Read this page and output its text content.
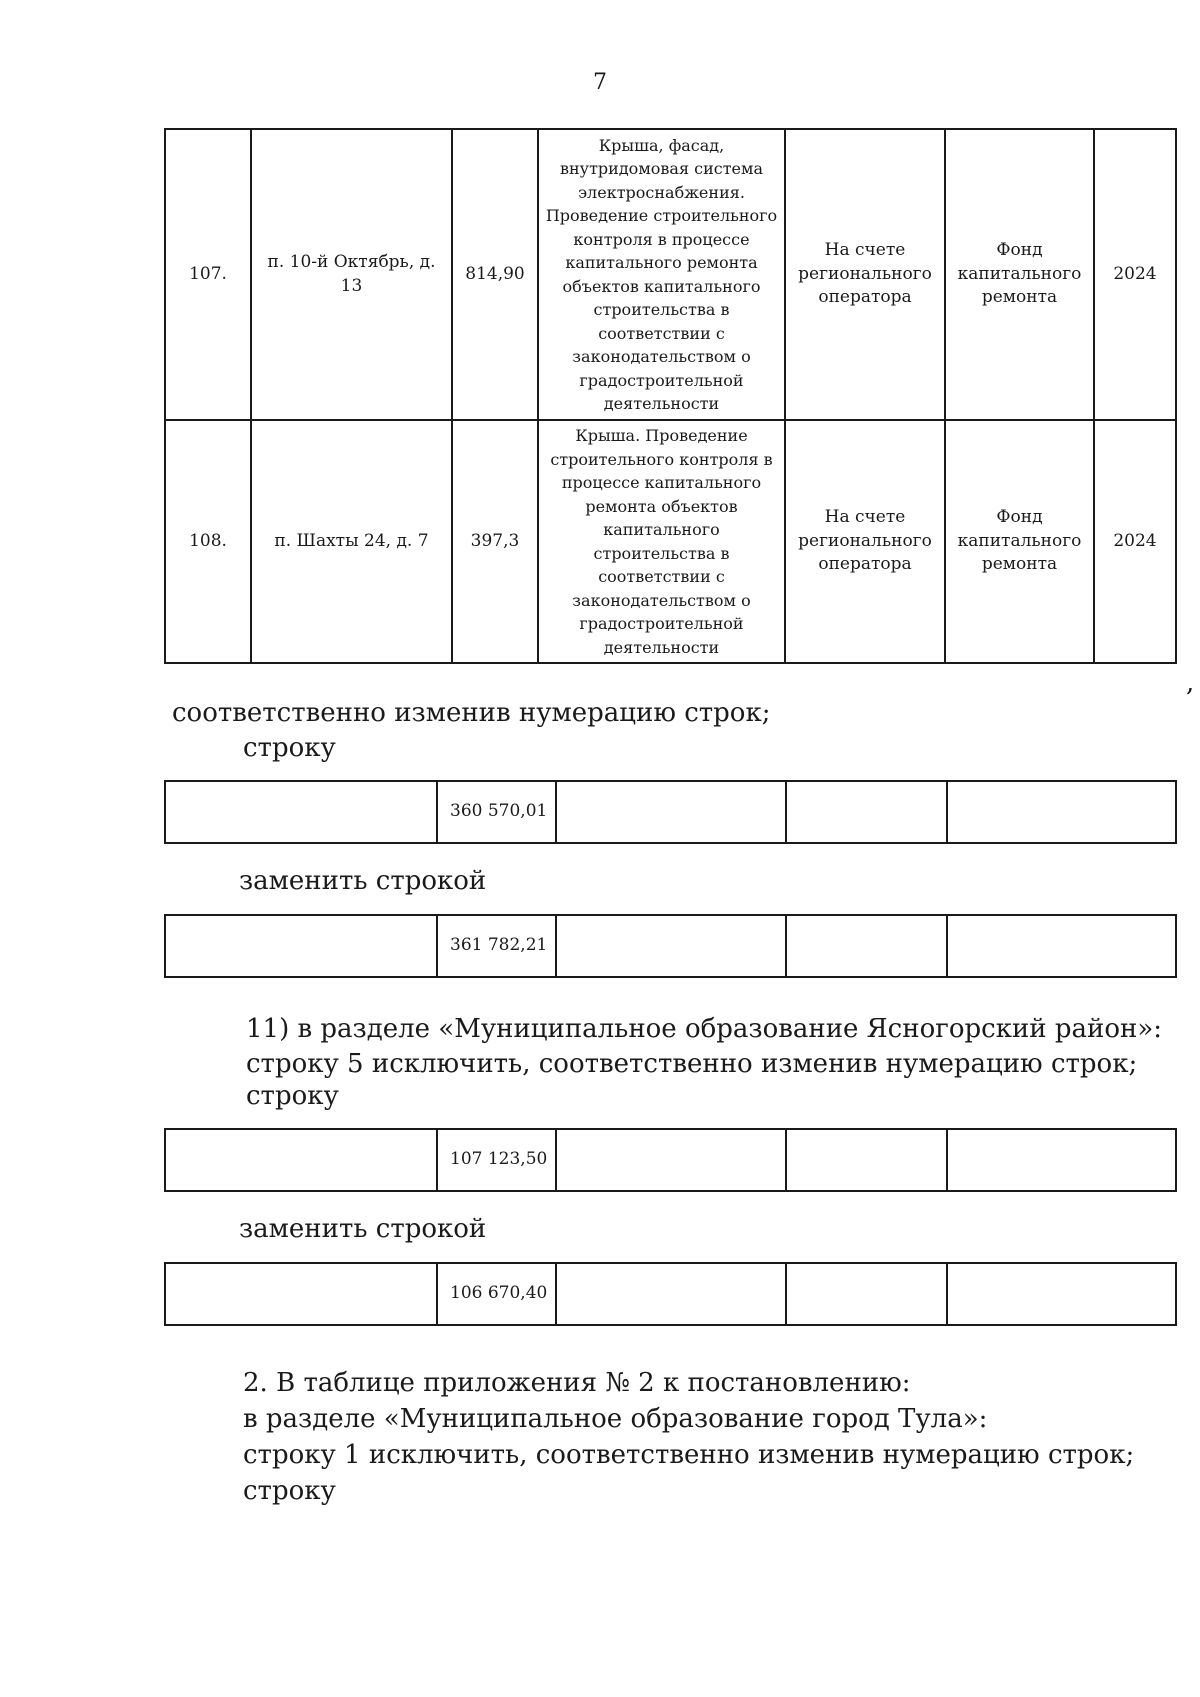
7
107.	п. 10-й Октябрь, д. 13	814,90	Крыша, фасад, внутридомовая система электроснабжения. Проведение строительного контроля в процессе капитального ремонта объектов капитального строительства в соответствии с законодательством о градостроительной деятельности	На счете регионального оператора	Фонд капитального ремонта	2024
108.	п. Шахты 24, д. 7	397,3	Крыша. Проведение строительного контроля в процессе капитального ремонта объектов капитального строительства в соответствии с законодательством о градостроительной деятельности	На счете регионального оператора	Фонд капитального ремонта	2024
,
соответственно изменив нумерацию строк;
строку
	360 570,01			
заменить строкой
	361 782,21			
11) в разделе «Муниципальное образование Ясногорский район»:
строку 5 исключить, соответственно изменив нумерацию строк;
строку
	107 123,50			
заменить строкой
	106 670,40			
2. В таблице приложения № 2 к постановлению:
в разделе «Муниципальное образование город Тула»:
строку 1 исключить, соответственно изменив нумерацию строк;
строку
